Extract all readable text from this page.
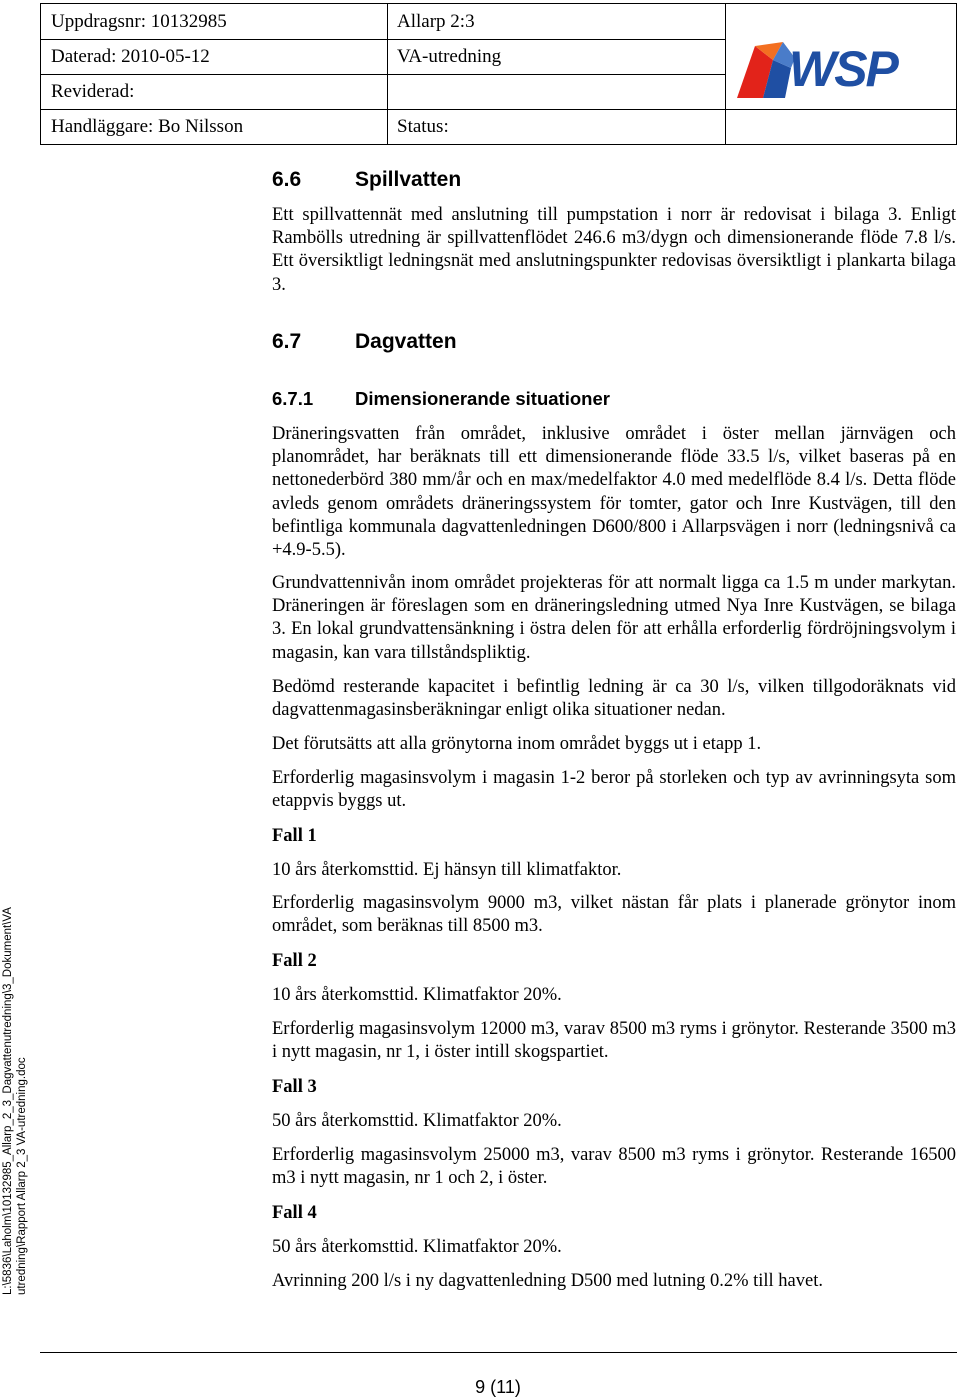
Uppdragsnr: 10132985
Daterad: 2010-05-12
Reviderad:
Handläggare: Bo Nilsson
Allarp 2:3
VA-utredning
Status:
WSP
6.6	Spillvatten
Ett spillvattennät med anslutning till pumpstation i norr är redovisat i bilaga 3. Enligt Rambölls utredning är spillvattenflödet 246.6 m3/dygn och dimensionerande flöde 7.8 l/s. Ett översiktligt ledningsnät med anslutningspunkter redovisas översiktligt i plankarta bilaga 3.
6.7	Dagvatten
6.7.1 Dimensionerande situationer
Dräneringsvatten från området, inklusive området i öster mellan järnvägen och planområdet, har beräknats till ett dimensionerande flöde 33.5 l/s, vilket baseras på en nettonederbörd 380 mm/år och en max/medelfaktor 4.0 med medelflöde 8.4 l/s. Detta flöde avleds genom områdets dräneringssystem för tomter, gator och Inre Kustvägen, till den befintliga kommunala dagvattenledningen D600/800 i Allarpsvägen i norr (ledningsnivå ca +4.9-5.5).
Grundvattennivån inom området projekteras för att normalt ligga ca 1.5 m under markytan. Dräneringen är föreslagen som en dräneringsledning utmed Nya Inre Kustvägen, se bilaga 3. En lokal grundvattensänkning i östra delen för att erhålla erforderlig fördröjningsvolym i magasin, kan vara tillståndspliktig.
Bedömd resterande kapacitet i befintlig ledning är ca 30 l/s, vilken tillgodoräknats vid dagvattenmagasinsberäkningar enligt olika situationer nedan.
Det förutsätts att alla grönytorna inom området byggs ut i etapp 1.
Erforderlig magasinsvolym i magasin 1-2 beror på storleken och typ av avrinningsyta som etappvis byggs ut.
Fall 1
10 års återkomsttid. Ej hänsyn till klimatfaktor.
Erforderlig magasinsvolym 9000 m3, vilket nästan får plats i planerade grönytor inom området, som beräknas till 8500 m3.
Fall 2
10 års återkomsttid. Klimatfaktor 20%.
Erforderlig magasinsvolym 12000 m3, varav 8500 m3 ryms i grönytor. Resterande 3500 m3 i nytt magasin, nr 1, i öster intill skogspartiet.
Fall 3
50 års återkomsttid. Klimatfaktor 20%.
Erforderlig magasinsvolym 25000 m3, varav 8500 m3 ryms i grönytor. Resterande 16500 m3 i nytt magasin, nr 1 och 2, i öster.
Fall 4
50 års återkomsttid. Klimatfaktor 20%.
Avrinning 200 l/s i ny dagvattenledning D500 med lutning 0.2% till havet.
L:\5836\Laholm\10132985_Allarp_2_3_Dagvattenutredning\3_Dokument\VA utredning\Rapport Allarp 2_3 VA-utredning.doc
9 (11)
